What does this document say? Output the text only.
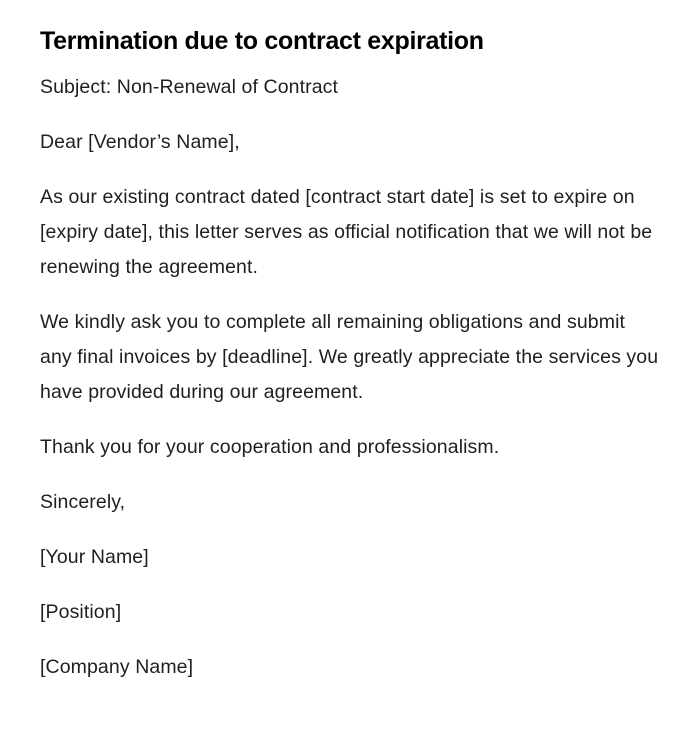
Termination due to contract expiration

Subject: Non-Renewal of Contract

Dear [Vendor’s Name],

As our existing contract dated [contract start date] is set to expire on [expiry date], this letter serves as official notification that we will not be renewing the agreement.

We kindly ask you to complete all remaining obligations and submit any final invoices by [deadline]. We greatly appreciate the services you have provided during our agreement.

Thank you for your cooperation and professionalism.

Sincerely,

[Your Name]

[Position]

[Company Name]
